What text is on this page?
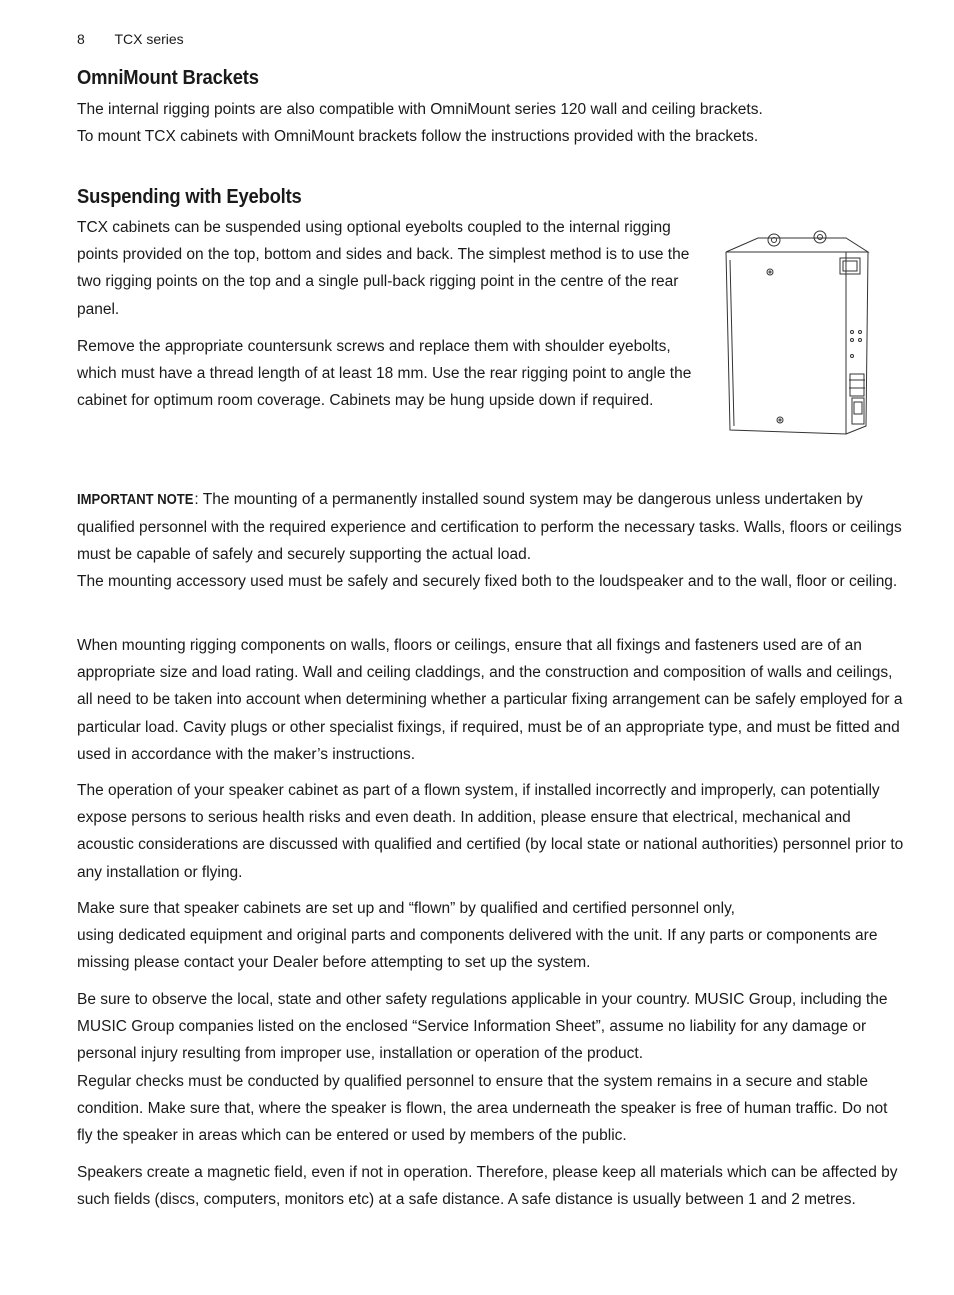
8 TCX series
OmniMount Brackets

The internal rigging points are also compatible with OmniMount series 120 wall and ceiling brackets.

To mount TCX cabinets with OmniMount brackets follow the instructions provided with the brackets.

Suspending with Eyebolts

TCX cabinets can be suspended using optional eyebolts coupled to the internal rigging points provided on the top, bottom and sides and back. The simplest method is to use the two rigging points on the top and a single pull-back rigging point in the centre of the rear panel.

Remove the appropriate countersunk screws and replace them with shoulder eyebolts, which must have a thread length of at least 18 mm. Use the rear rigging point to angle the cabinet for optimum room coverage. Cabinets may be hung upside down if required.

IMPORTANT NOTE: The mounting of a permanently installed sound system may be dangerous unless undertaken by qualified personnel with the required experience and certification to perform the necessary tasks. Walls, floors or ceilings must be capable of safely and securely supporting the actual load.

The mounting accessory used must be safely and securely fixed both to the loudspeaker and to the wall, floor or ceiling.

When mounting rigging components on walls, floors or ceilings, ensure that all fixings and fasteners used are of an appropriate size and load rating. Wall and ceiling claddings, and the construction and composition of walls and ceilings, all need to be taken into account when determining whether a particular fixing arrangement can be safely employed for a particular load. Cavity plugs or other specialist fixings, if required, must be of an appropriate type, and must be fitted and used in accordance with the maker’s instructions.

The operation of your speaker cabinet as part of a flown system, if installed incorrectly and improperly, can potentially expose persons to serious health risks and even death. In addition, please ensure that electrical, mechanical and acoustic considerations are discussed with qualified and certified (by local state or national authorities) personnel prior to any installation or flying.

Make sure that speaker cabinets are set up and “flown” by qualified and certified personnel only,

using dedicated equipment and original parts and components delivered with the unit. If any parts or components are missing please contact your Dealer before attempting to set up the system.

Be sure to observe the local, state and other safety regulations applicable in your country. MUSIC Group, including the MUSIC Group companies listed on the enclosed “Service Information Sheet”, assume no liability for any damage or personal injury resulting from improper use, installation or operation of the product.

Regular checks must be conducted by qualified personnel to ensure that the system remains in a secure and stable condition. Make sure that, where the speaker is flown, the area underneath the speaker is free of human traffic. Do not fly the speaker in areas which can be entered or used by members of the public.

Speakers create a magnetic field, even if not in operation. Therefore, please keep all materials which can be affected by such fields (discs, computers, monitors etc) at a safe distance. A safe distance is usually between 1 and 2 metres.
